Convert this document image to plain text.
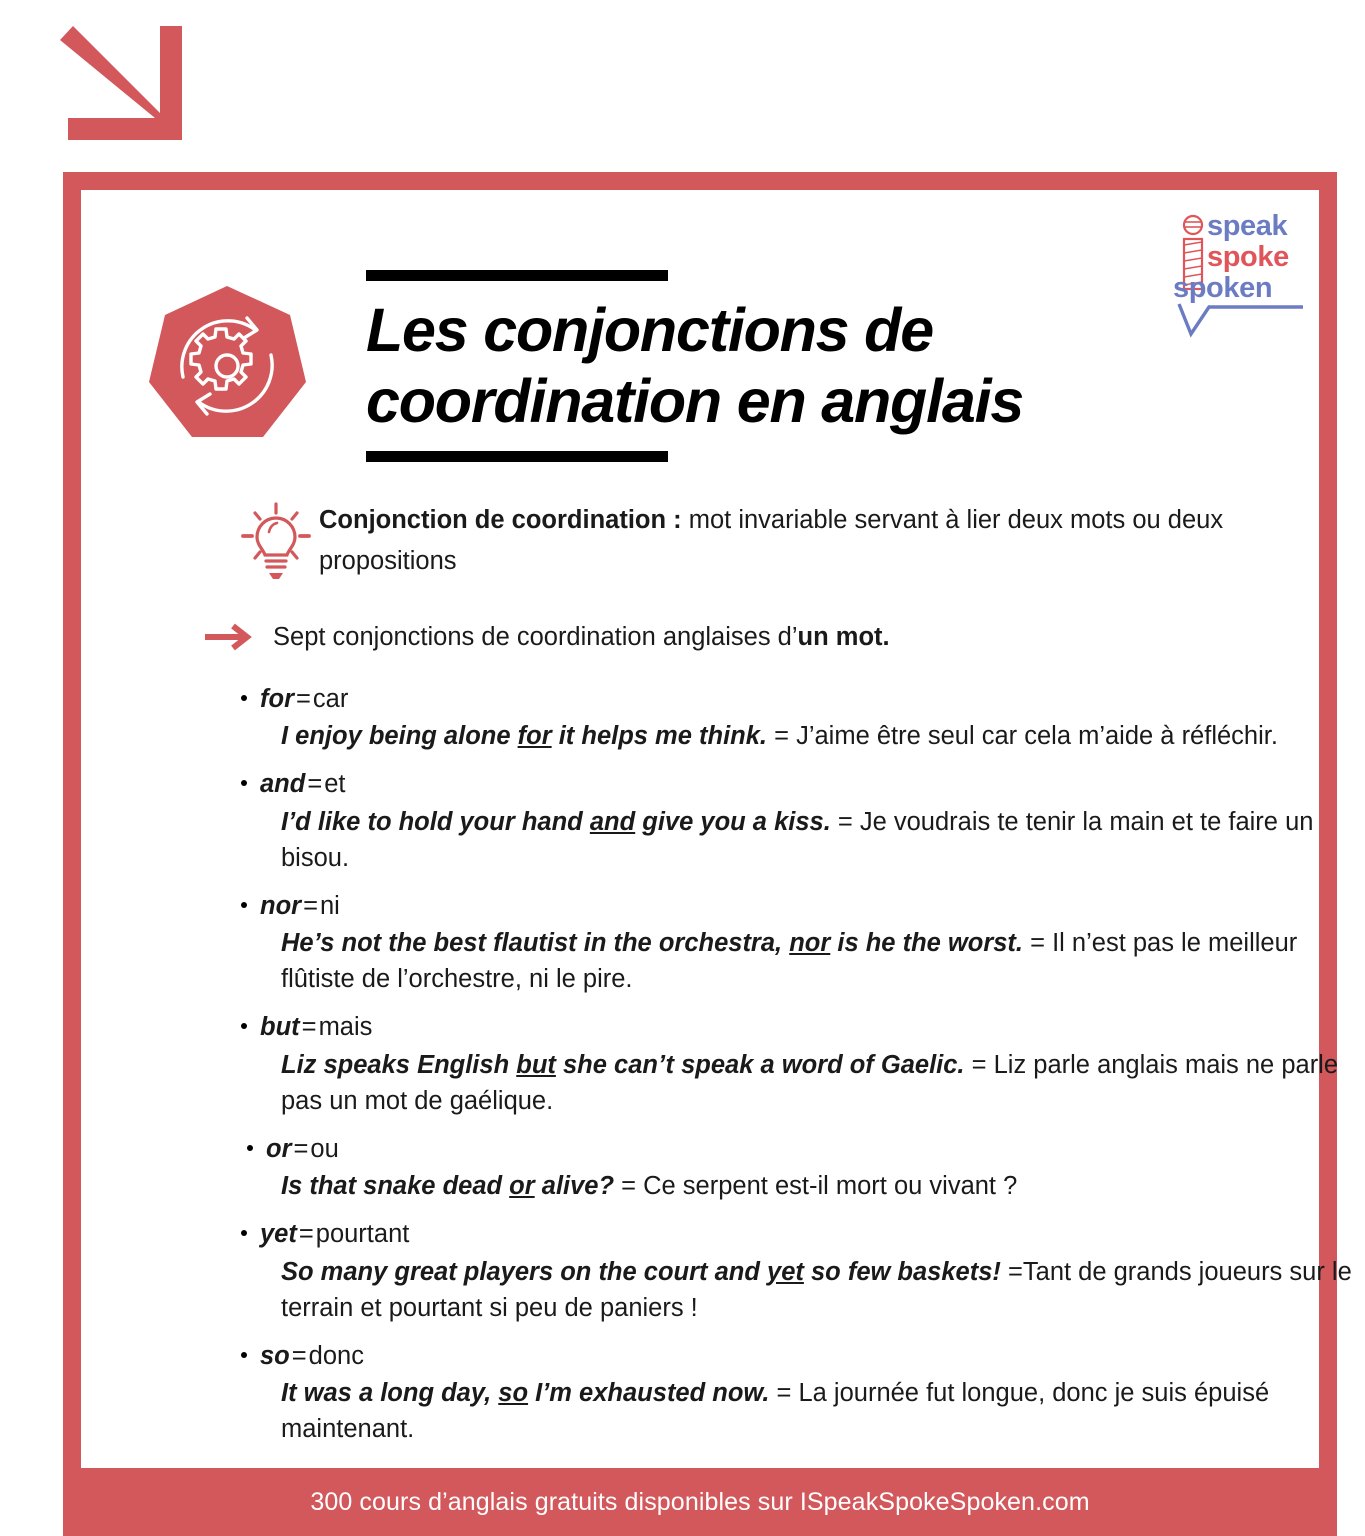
speak
spoke
spoken
Les conjonctions de
coordination en anglais
Conjonction de coordination : mot invariable servant à lier deux mots ou deux propositions
Sept conjonctions de coordination anglaises d’un mot.
for=car
I enjoy being alone for it helps me think. = J’aime être seul car cela m’aide à réfléchir.
and=et
I’d like to hold your hand and give you a kiss. = Je voudrais te tenir la main et te faire un bisou.
nor=ni
He’s not the best flautist in the orchestra, nor is he the worst. = Il n’est pas le meilleur flûtiste de l’orchestre, ni le pire.
but=mais
Liz speaks English but she can’t speak a word of Gaelic. = Liz parle anglais mais ne parle pas un mot de gaélique.
or=ou
Is that snake dead or alive? = Ce serpent est-il mort ou vivant ?
yet=pourtant
So many great players on the court and yet so few baskets! =Tant de grands joueurs sur le terrain et pourtant si peu de paniers !
so=donc
It was a long day, so I’m exhausted now. = La journée fut longue, donc je suis épuisé maintenant.
300 cours d’anglais gratuits disponibles sur ISpeakSpokeSpoken.com
